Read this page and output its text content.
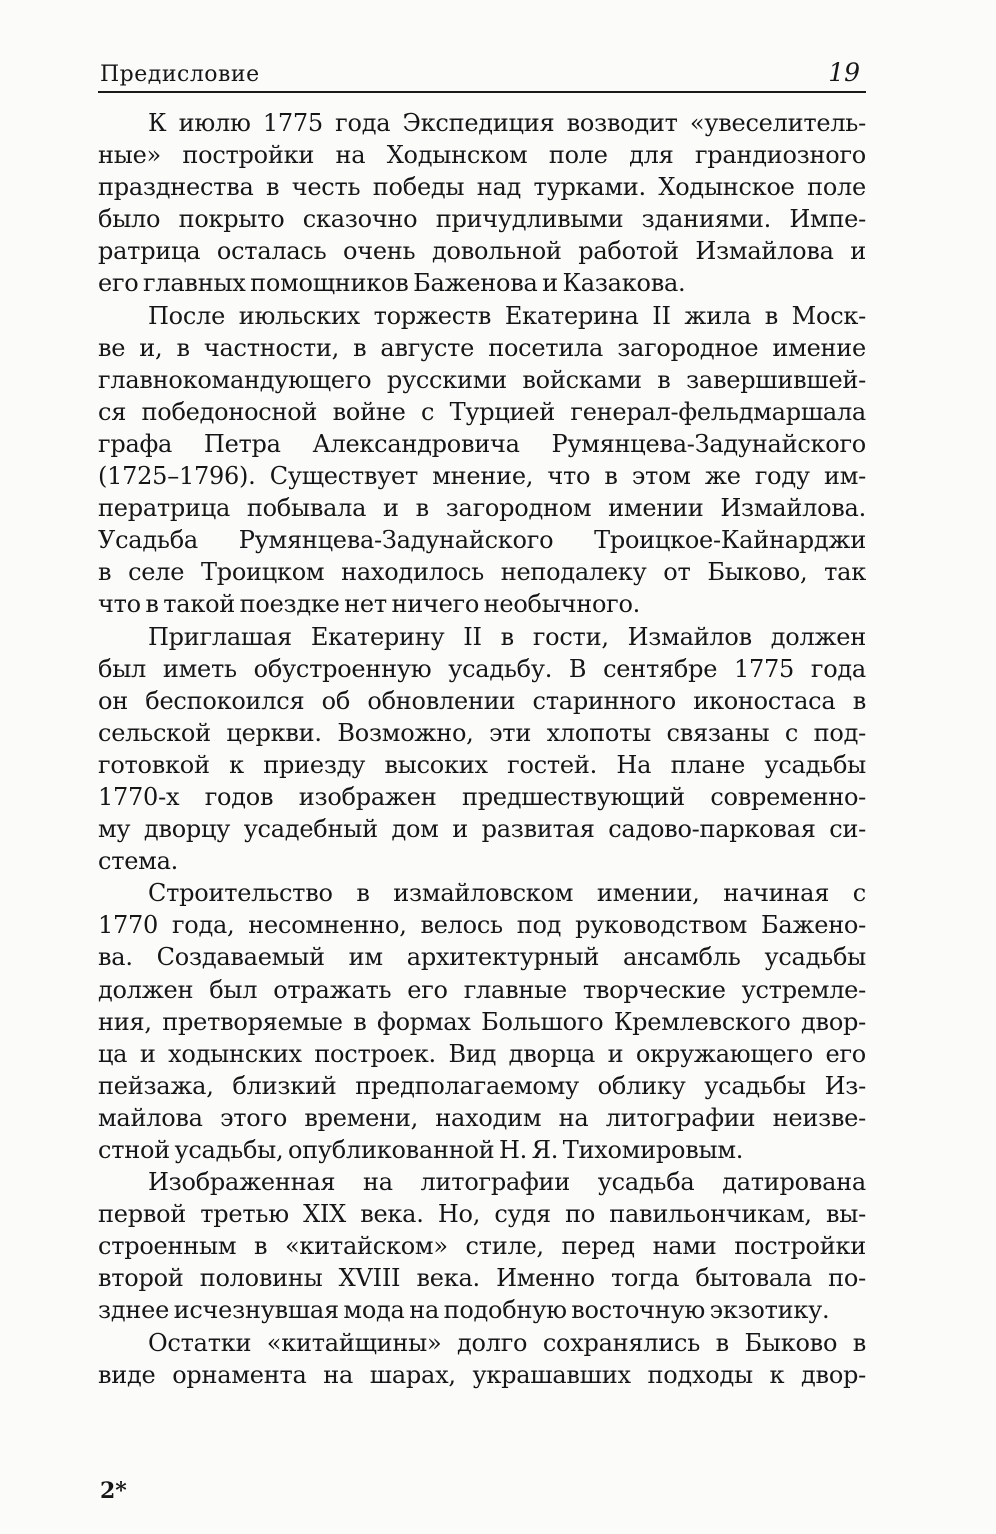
Предисловие	19
К июлю 1775 года Экспедиция возводит «увеселитель-
ные» постройки на Ходынском поле для грандиозного
празднества в честь победы над турками. Ходынское поле
было покрыто сказочно причудливыми зданиями. Импе-
ратрица осталась очень довольной работой Измайлова и
его главных помощников Баженова и Казакова.
После июльских торжеств Екатерина II жила в Моск-
ве и, в частности, в августе посетила загородное имение
главнокомандующего русскими войсками в завершившей-
ся победоносной войне с Турцией генерал-фельдмаршала
графа Петра Александровича Румянцева-Задунайского
(1725–1796). Существует мнение, что в этом же году им-
ператрица побывала и в загородном имении Измайлова.
Усадьба Румянцева-Задунайского Троицкое-Кайнарджи
в селе Троицком находилось неподалеку от Быково, так
что в такой поездке нет ничего необычного.
Приглашая Екатерину II в гости, Измайлов должен
был иметь обустроенную усадьбу. В сентябре 1775 года
он беспокоился об обновлении старинного иконостаса в
сельской церкви. Возможно, эти хлопоты связаны с под-
готовкой к приезду высоких гостей. На плане усадьбы
1770-х годов изображен предшествующий современно-
му дворцу усадебный дом и развитая садово-парковая си-
стема.
Строительство в измайловском имении, начиная с
1770 года, несомненно, велось под руководством Бажено-
ва. Создаваемый им архитектурный ансамбль усадьбы
должен был отражать его главные творческие устремле-
ния, претворяемые в формах Большого Кремлевского двор-
ца и ходынских построек. Вид дворца и окружающего его
пейзажа, близкий предполагаемому облику усадьбы Из-
майлова этого времени, находим на литографии неизве-
стной усадьбы, опубликованной Н. Я. Тихомировым.
Изображенная на литографии усадьба датирована
первой третью XIX века. Но, судя по павильончикам, вы-
строенным в «китайском» стиле, перед нами постройки
второй половины XVIII века. Именно тогда бытовала по-
зднее исчезнувшая мода на подобную восточную экзотику.
Остатки «китайщины» долго сохранялись в Быково в
виде орнамента на шарах, украшавших подходы к двор-
2*
